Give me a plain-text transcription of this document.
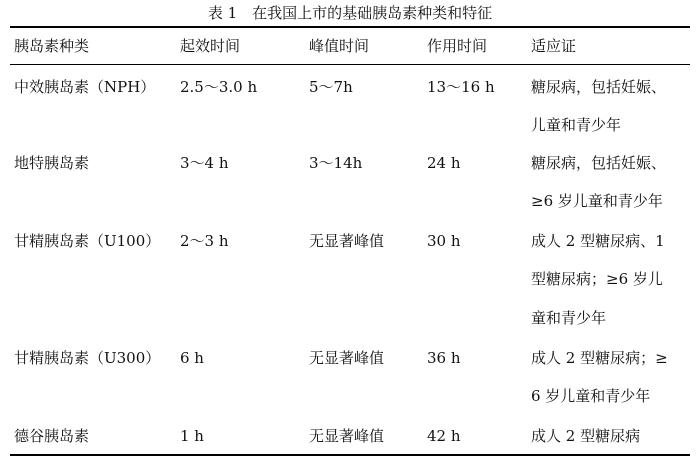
表 1　在我国上市的基础胰岛素种类和特征
胰岛素种类	起效时间	峰值时间	作用时间	适应证
中效胰岛素（NPH） 2.5～3.0 h	5～7h	13～16 h 糖尿病，包括妊娠、
儿童和青少年
地特胰岛素	3～4 h	3～14h	24 h	糖尿病，包括妊娠、
≥6 岁儿童和青少年
甘精胰岛素（U100） 2～3 h	无显著峰值	30 h	成人 2 型糖尿病、1
型糖尿病；≥6 岁儿
童和青少年
甘精胰岛素（U300） 6 h	无显著峰值	36 h	成人 2 型糖尿病；≥
6 岁儿童和青少年
德谷胰岛素	1 h	无显著峰值	42 h	成人 2 型糖尿病
